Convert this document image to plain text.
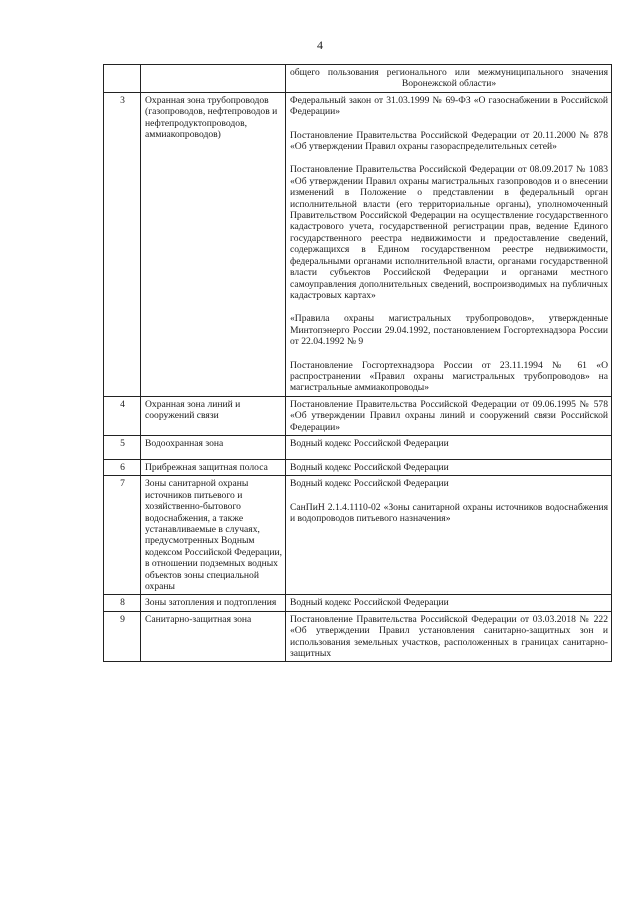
4

		общего пользования регионального или межмуниципального значения Воронежской области»

3	Охранная зона трубопроводов (газопроводов, нефтепроводов и нефтепродуктопроводов, аммиакопроводов)	Федеральный закон от 31.03.1999 № 69-ФЗ «О газоснабжении в Российской Федерации»
Постановление Правительства Российской Федерации от 20.11.2000 № 878 «Об утверждении Правил охраны газораспределительных сетей»
Постановление Правительства Российской Федерации от 08.09.2017 № 1083 «Об утверждении Правил охраны магистральных газопроводов и о внесении изменений в Положение о представлении в федеральный орган исполнительной власти (его территориальные органы), уполномоченный Правительством Российской Федерации на осуществление государственного кадастрового учета, государственной регистрации прав, ведение Единого государственного реестра недвижимости и предоставление сведений, содержащихся в Едином государственном реестре недвижимости, федеральными органами исполнительной власти, органами государственной власти субъектов Российской Федерации и органами местного самоуправления дополнительных сведений, воспроизводимых на публичных кадастровых картах»
«Правила охраны магистральных трубопроводов», утвержденные Минтопэнерго России 29.04.1992, постановлением Госгортехнадзора России от 22.04.1992 № 9
Постановление Госгортехнадзора России от 23.11.1994 № 61 «О распространении «Правил охраны магистральных трубопроводов» на магистральные аммиакопроводы»

4	Охранная зона линий и сооружений связи	Постановление Правительства Российской Федерации от 09.06.1995 № 578 «Об утверждении Правил охраны линий и сооружений связи Российской Федерации»

5	Водоохранная зона	Водный кодекс Российской Федерации

6	Прибрежная защитная полоса	Водный кодекс Российской Федерации

7	Зоны санитарной охраны источников питьевого и хозяйственно-бытового водоснабжения, а также устанавливаемые в случаях, предусмотренных Водным кодексом Российской Федерации, в отношении подземных водных объектов зоны специальной охраны	Водный кодекс Российской Федерации
СанПиН 2.1.4.1110-02 «Зоны санитарной охраны источников водоснабжения и водопроводов питьевого назначения»

8	Зоны затопления и подтопления	Водный кодекс Российской Федерации

9	Санитарно-защитная зона	Постановление Правительства Российской Федерации от 03.03.2018 № 222 «Об утверждении Правил установления санитарно-защитных зон и использования земельных участков, расположенных в границах санитарно-защитных
